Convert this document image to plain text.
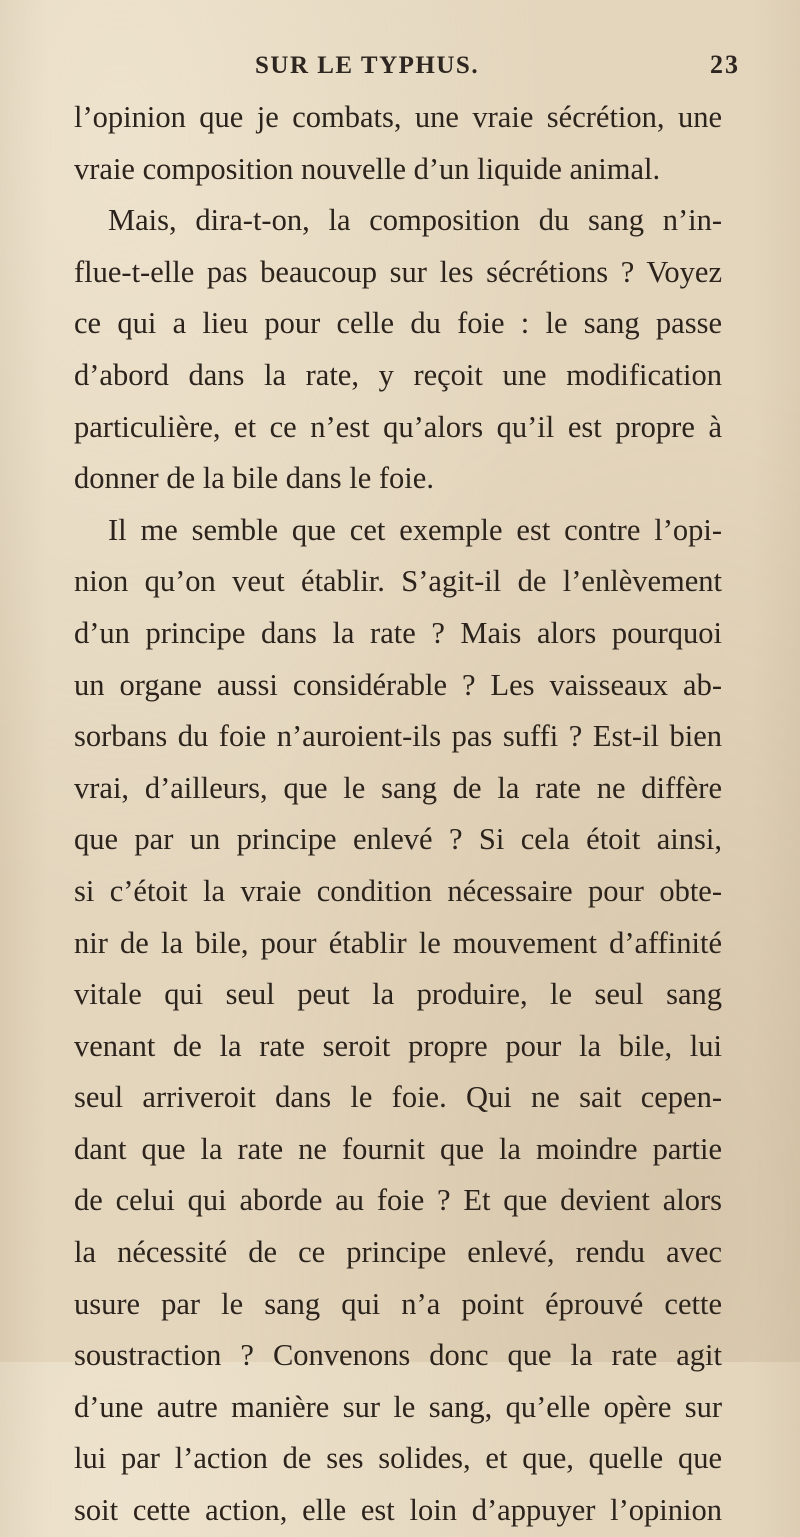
SUR LE TYPHUS.	23
l’opinion que je combats, une vraie sécrétion, une
vraie composition nouvelle d’un liquide animal.
Mais, dira-t-on, la composition du sang n’in-
flue-t-elle pas beaucoup sur les sécrétions ? Voyez
ce qui a lieu pour celle du foie : le sang passe
d’abord dans la rate, y reçoit une modification
particulière, et ce n’est qu’alors qu’il est propre à
donner de la bile dans le foie.
Il me semble que cet exemple est contre l’opi-
nion qu’on veut établir. S’agit-il de l’enlèvement
d’un principe dans la rate ? Mais alors pourquoi
un organe aussi considérable ? Les vaisseaux ab-
sorbans du foie n’auroient-ils pas suffi ? Est-il bien
vrai, d’ailleurs, que le sang de la rate ne diffère
que par un principe enlevé ? Si cela étoit ainsi,
si c’étoit la vraie condition nécessaire pour obte-
nir de la bile, pour établir le mouvement d’affinité
vitale qui seul peut la produire, le seul sang
venant de la rate seroit propre pour la bile, lui
seul arriveroit dans le foie. Qui ne sait cepen-
dant que la rate ne fournit que la moindre partie
de celui qui aborde au foie ? Et que devient alors
la nécessité de ce principe enlevé, rendu avec
usure par le sang qui n’a point éprouvé cette
soustraction ? Convenons donc que la rate agit
d’une autre manière sur le sang, qu’elle opère sur
lui par l’action de ses solides, et que, quelle que
soit cette action, elle est loin d’appuyer l’opinion
